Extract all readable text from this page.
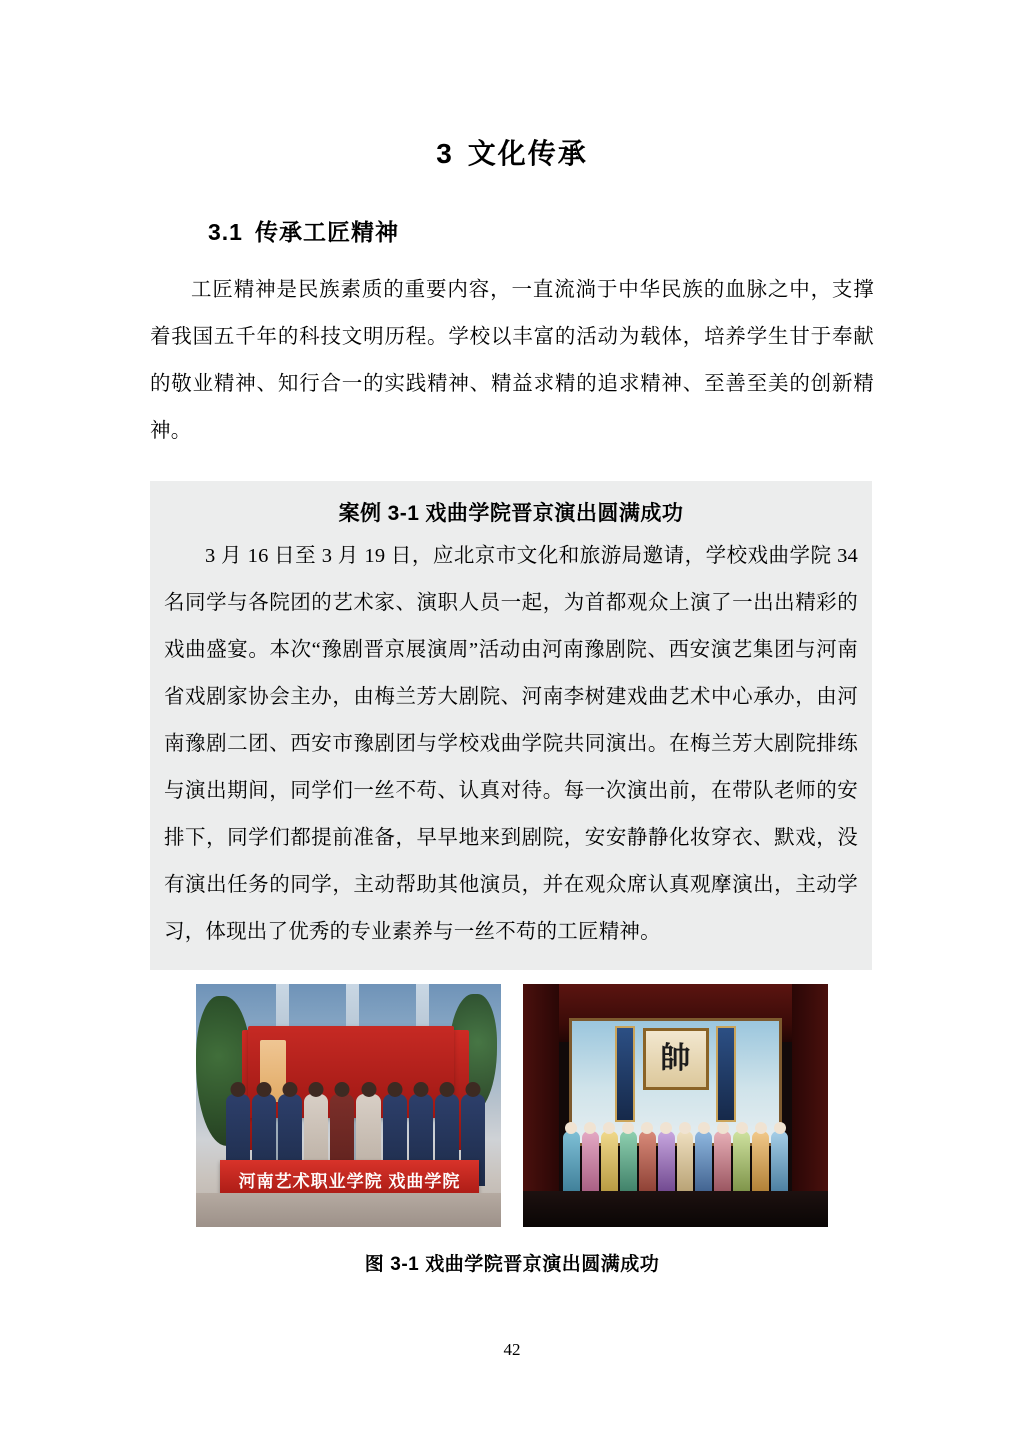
3 文化传承
3.1 传承工匠精神

工匠精神是民族素质的重要内容，一直流淌于中华民族的血脉之中，支撑着我国五千年的科技文明历程。学校以丰富的活动为载体，培养学生甘于奉献的敬业精神、知行合一的实践精神、精益求精的追求精神、至善至美的创新精神。

案例 3-1 戏曲学院晋京演出圆满成功

3 月 16 日至 3 月 19 日，应北京市文化和旅游局邀请，学校戏曲学院 34 名同学与各院团的艺术家、演职人员一起，为首都观众上演了一出出精彩的戏曲盛宴。本次“豫剧晋京展演周”活动由河南豫剧院、西安演艺集团与河南省戏剧家协会主办，由梅兰芳大剧院、河南李树建戏曲艺术中心承办，由河南豫剧二团、西安市豫剧团与学校戏曲学院共同演出。在梅兰芳大剧院排练与演出期间，同学们一丝不苟、认真对待。每一次演出前，在带队老师的安排下，同学们都提前准备，早早地来到剧院，安安静静化妆穿衣、默戏，没有演出任务的同学，主动帮助其他演员，并在观众席认真观摩演出，主动学习，体现出了优秀的专业素养与一丝不苟的工匠精神。

河南艺术职业学院 戏曲学院
帥
图 3-1 戏曲学院晋京演出圆满成功
42
